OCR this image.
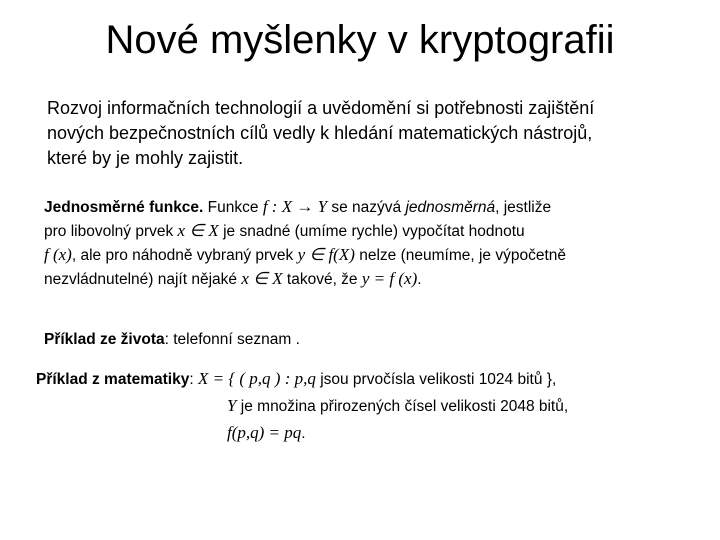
Nové myšlenky v kryptografii
Rozvoj informačních technologií a uvědomění si potřebnosti zajištění
nových bezpečnostních cílů vedly k hledání matematických nástrojů,
které by je mohly zajistit.
Jednosměrné funkce. Funkce f : X → Y se nazývá jednosměrná, jestliže
pro libovolný prvek x ∈ X je snadné (umíme rychle) vypočítat hodnotu
f (x), ale pro náhodně vybraný prvek y ∈ f(X) nelze (neumíme, je výpočetně
nezvládnutelné) najít nějaké x ∈ X takové, že y = f (x).
Příklad ze života: telefonní seznam .
Příklad z matematiky: X = { ( p,q ) : p,q jsou prvočísla velikosti 1024 bitů },
Y je množina přirozených čísel velikosti 2048 bitů,
f(p,q) = pq.
